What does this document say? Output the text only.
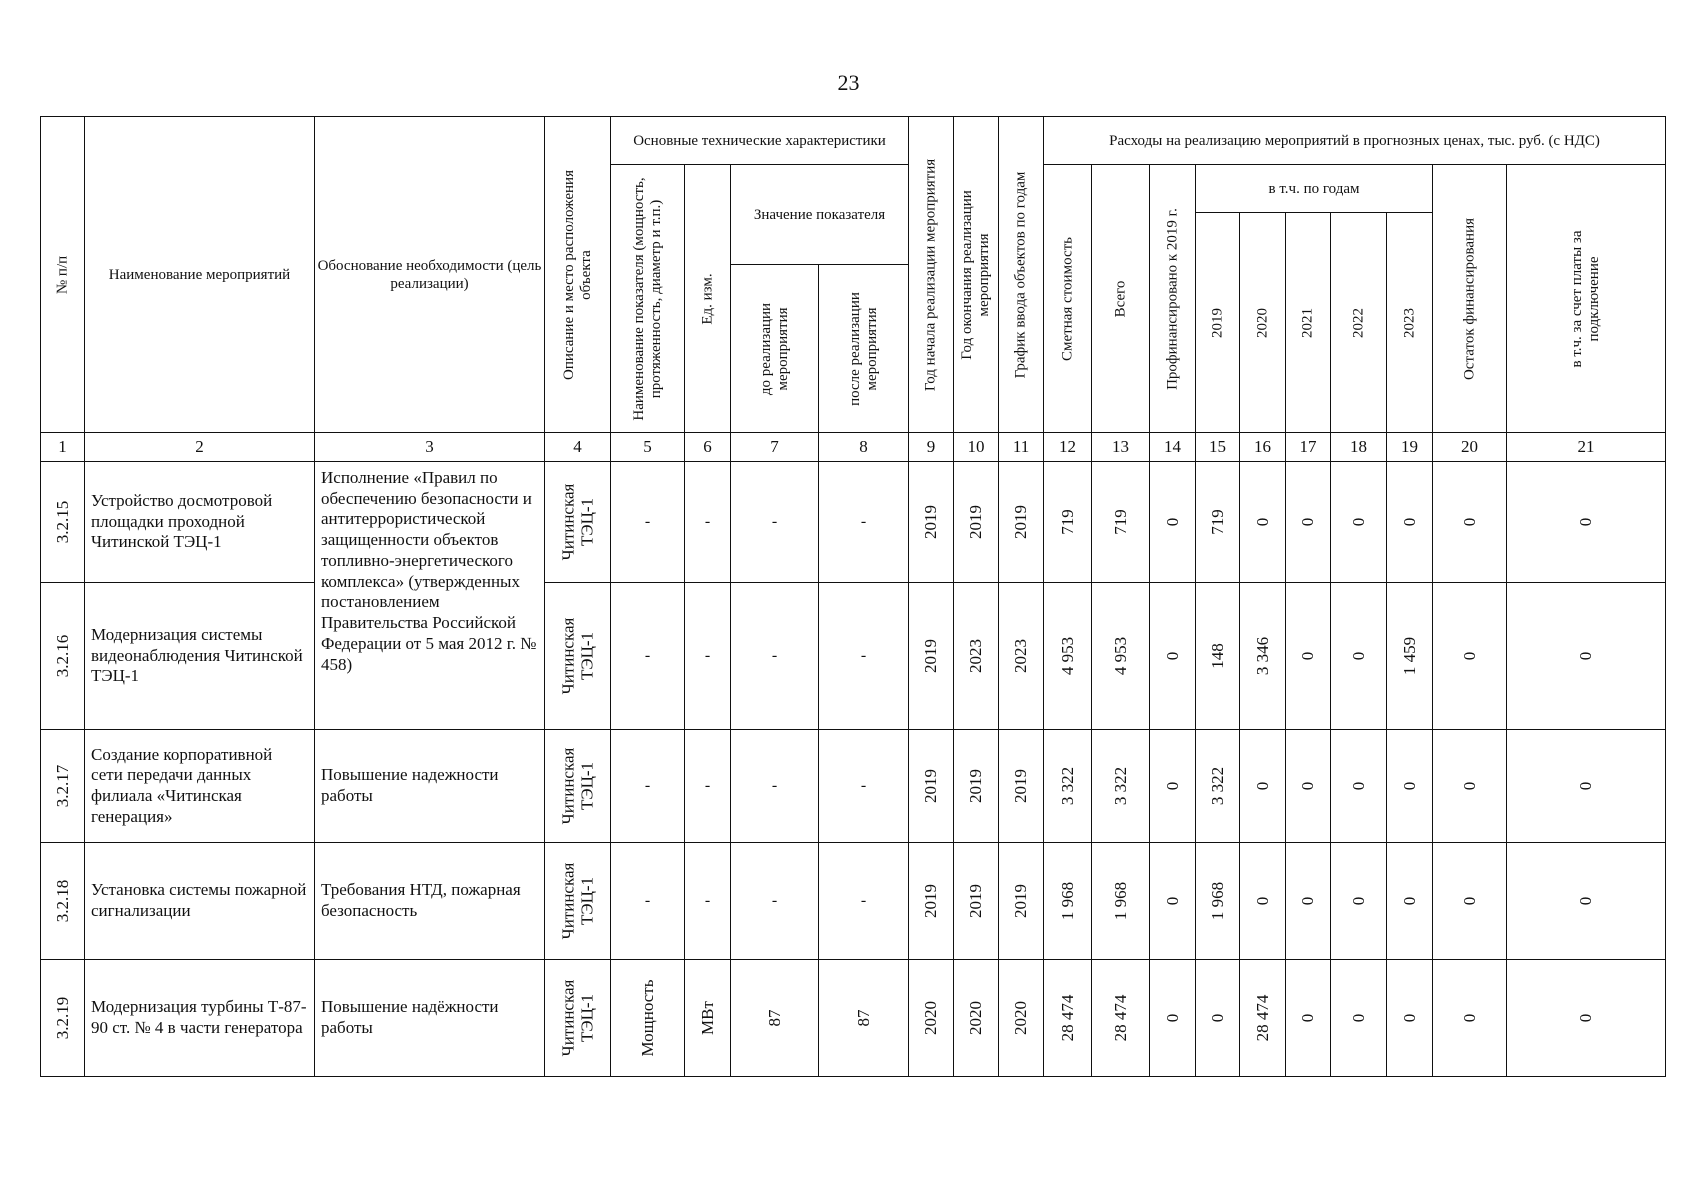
23
№ п/п	Наименование мероприятий	Обоснование необходимости (цель реализации)	Описание и место расположения объекта	Основные технические характеристики				Год начала реализации мероприятия	Год окончания реализации мероприятия	График ввода объектов по годам	Расходы на реализацию мероприятий в прогнозных ценах, тыс. руб. (с НДС)									

				Наименование показателя (мощность, протяженность, диаметр и т.п.)	Ед. изм.	Значение показателя					Сметная стоимость	Всего	Профинансировано к 2019 г.	в т.ч. по годам					Остаток финансирования	в т.ч. за счет платы за подключение

														2019	2020	2021	2022	2023		

						до реализации мероприятия	после реализации мероприятия													

1	2	3	4	5	6	7	8	9	10	11	12	13	14	15	16	17	18	19	20	21

3.2.15	Устройство досмотровой площадки проходной Читинской ТЭЦ-1	Исполнение «Правил по обеспечению безопасности и антитеррористической защищенности объектов топливно-энергетического комплекса» (утвержденных постановлением Правительства Российской Федерации от 5 мая 2012 г. № 458)	Читинская ТЭЦ-1	-	-	-	-	2019	2019	2019	719	719	0	719	0	0	0	0	0	0

3.2.16	Модернизация системы видеонаблюдения Читинской ТЭЦ-1		Читинская ТЭЦ-1	-	-	-	-	2019	2023	2023	4 953	4 953	0	148	3 346	0	0	1 459	0	0

3.2.17	Создание корпоративной сети передачи данных филиала «Читинская генерация»	Повышение надежности работы	Читинская ТЭЦ-1	-	-	-	-	2019	2019	2019	3 322	3 322	0	3 322	0	0	0	0	0	0

3.2.18	Установка системы пожарной сигнализации	Требования НТД, пожарная безопасность	Читинская ТЭЦ-1	-	-	-	-	2019	2019	2019	1 968	1 968	0	1 968	0	0	0	0	0	0

3.2.19	Модернизация турбины Т-87-90 ст. № 4 в части генератора	Повышение надёжности работы	Читинская ТЭЦ-1	Мощность	МВт	87	87	2020	2020	2020	28 474	28 474	0	0	28 474	0	0	0	0	0
